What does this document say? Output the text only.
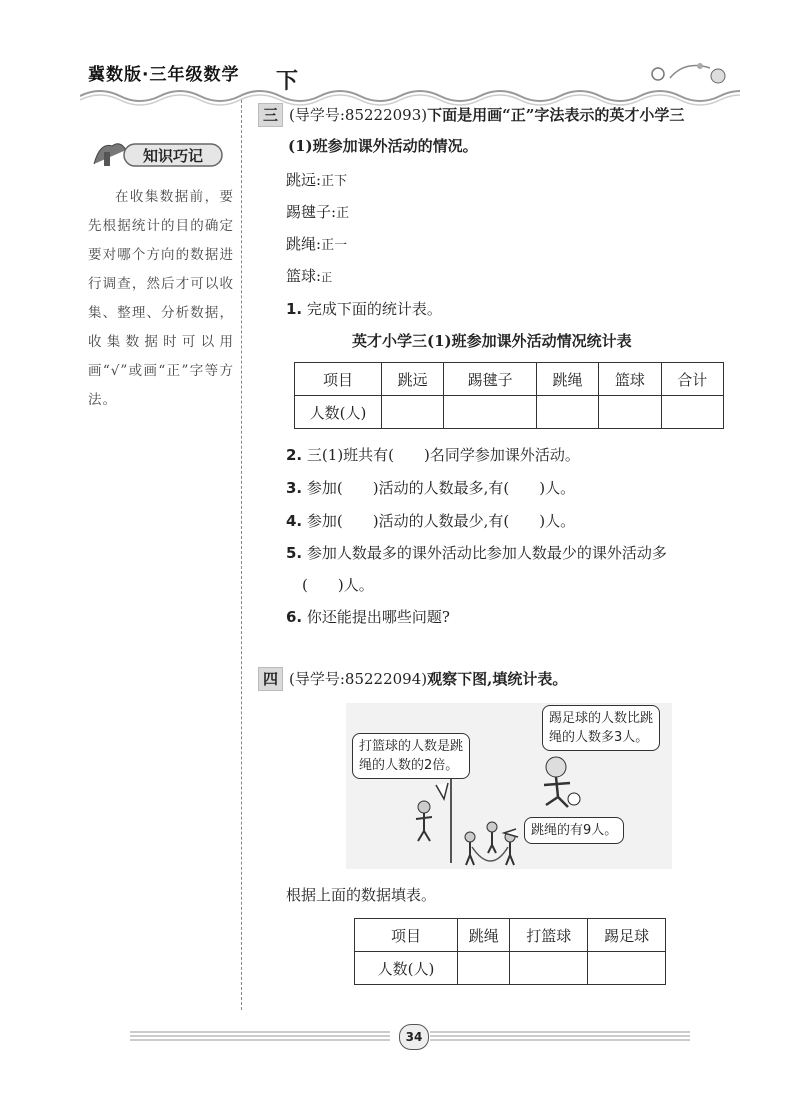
冀数版·三年级数学 下
知识巧记
在收集数据前，要先根据统计的目的确定要对哪个方向的数据进行调查，然后才可以收集、整理、分析数据，收集数据时可以用画“√”或画“正”字等方法。
三 (导学号:85222093)下面是用画“正”字法表示的英才小学三
(1)班参加课外活动的情况。
跳远:正下
踢毽子:正
跳绳:正一
篮球:正
1. 完成下面的统计表。
英才小学三(1)班参加课外活动情况统计表
项目	跳远	踢毽子	跳绳	篮球	合计
人数(人)					
2. 三(1)班共有(　　)名同学参加课外活动。
3. 参加(　　)活动的人数最多,有(　　)人。
4. 参加(　　)活动的人数最少,有(　　)人。
5. 参加人数最多的课外活动比参加人数最少的课外活动多
(　　)人。
6. 你还能提出哪些问题?
四 (导学号:85222094)观察下图,填统计表。
打篮球的人数是跳
绳的人数的2倍。
踢足球的人数比跳
绳的人数多3人。
跳绳的有9人。
根据上面的数据填表。
项目	跳绳	打篮球	踢足球
人数(人)			
34
